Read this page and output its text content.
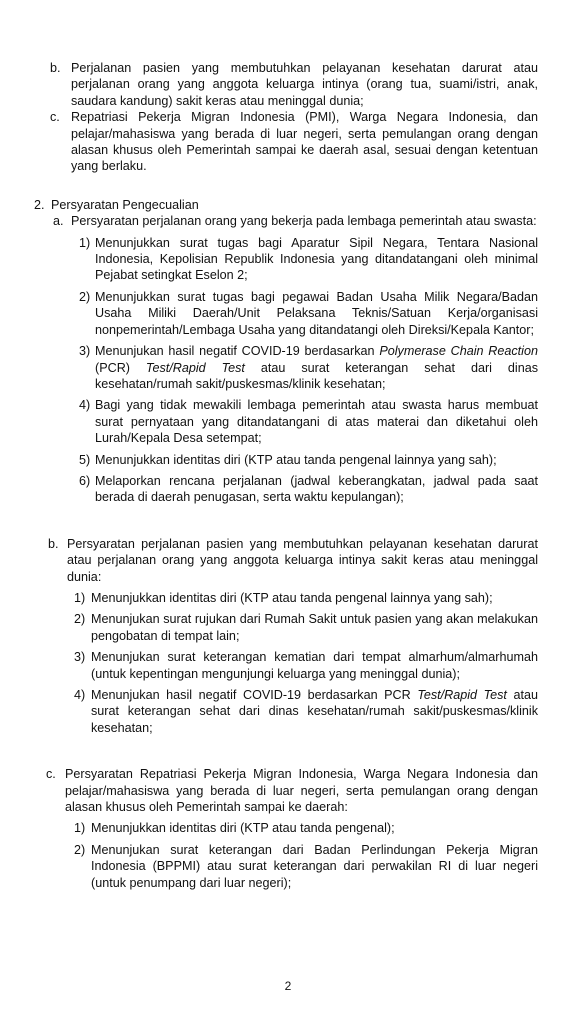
b. Perjalanan pasien yang membutuhkan pelayanan kesehatan darurat atau perjalanan orang yang anggota keluarga intinya (orang tua, suami/istri, anak, saudara kandung) sakit keras atau meninggal dunia;

c. Repatriasi Pekerja Migran Indonesia (PMI), Warga Negara Indonesia, dan pelajar/mahasiswa yang berada di luar negeri, serta pemulangan orang dengan alasan khusus oleh Pemerintah sampai ke daerah asal, sesuai dengan ketentuan yang berlaku.

2. Persyaratan Pengecualian
a. Persyaratan perjalanan orang yang bekerja pada lembaga pemerintah atau swasta:

1) Menunjukkan surat tugas bagi Aparatur Sipil Negara, Tentara Nasional Indonesia, Kepolisian Republik Indonesia yang ditandatangani oleh minimal Pejabat setingkat Eselon 2;

2) Menunjukkan surat tugas bagi pegawai Badan Usaha Milik Negara/Badan Usaha Miliki Daerah/Unit Pelaksana Teknis/Satuan Kerja/organisasi nonpemerintah/Lembaga Usaha yang ditandatangi oleh Direksi/Kepala Kantor;

3) Menunjukan hasil negatif COVID-19 berdasarkan Polymerase Chain Reaction (PCR) Test/Rapid Test atau surat keterangan sehat dari dinas kesehatan/rumah sakit/puskesmas/klinik kesehatan;

4) Bagi yang tidak mewakili lembaga pemerintah atau swasta harus membuat surat pernyataan yang ditandatangani di atas materai dan diketahui oleh Lurah/Kepala Desa setempat;

5) Menunjukkan identitas diri (KTP atau tanda pengenal lainnya yang sah);

6) Melaporkan rencana perjalanan (jadwal keberangkatan, jadwal pada saat berada di daerah penugasan, serta waktu kepulangan);

b. Persyaratan perjalanan pasien yang membutuhkan pelayanan kesehatan darurat atau perjalanan orang yang anggota keluarga intinya sakit keras atau meninggal dunia:

1) Menunjukkan identitas diri (KTP atau tanda pengenal lainnya yang sah);

2) Menunjukan surat rujukan dari Rumah Sakit untuk pasien yang akan melakukan pengobatan di tempat lain;

3) Menunjukan surat keterangan kematian dari tempat almarhum/almarhumah (untuk kepentingan mengunjungi keluarga yang meninggal dunia);

4) Menunjukan hasil negatif COVID-19 berdasarkan PCR Test/Rapid Test atau surat keterangan sehat dari dinas kesehatan/rumah sakit/puskesmas/klinik kesehatan;

c. Persyaratan Repatriasi Pekerja Migran Indonesia, Warga Negara Indonesia dan pelajar/mahasiswa yang berada di luar negeri, serta pemulangan orang dengan alasan khusus oleh Pemerintah sampai ke daerah:

1) Menunjukkan identitas diri (KTP atau tanda pengenal);

2) Menunjukan surat keterangan dari Badan Perlindungan Pekerja Migran Indonesia (BPPMI) atau surat keterangan dari perwakilan RI di luar negeri (untuk penumpang dari luar negeri);

2
